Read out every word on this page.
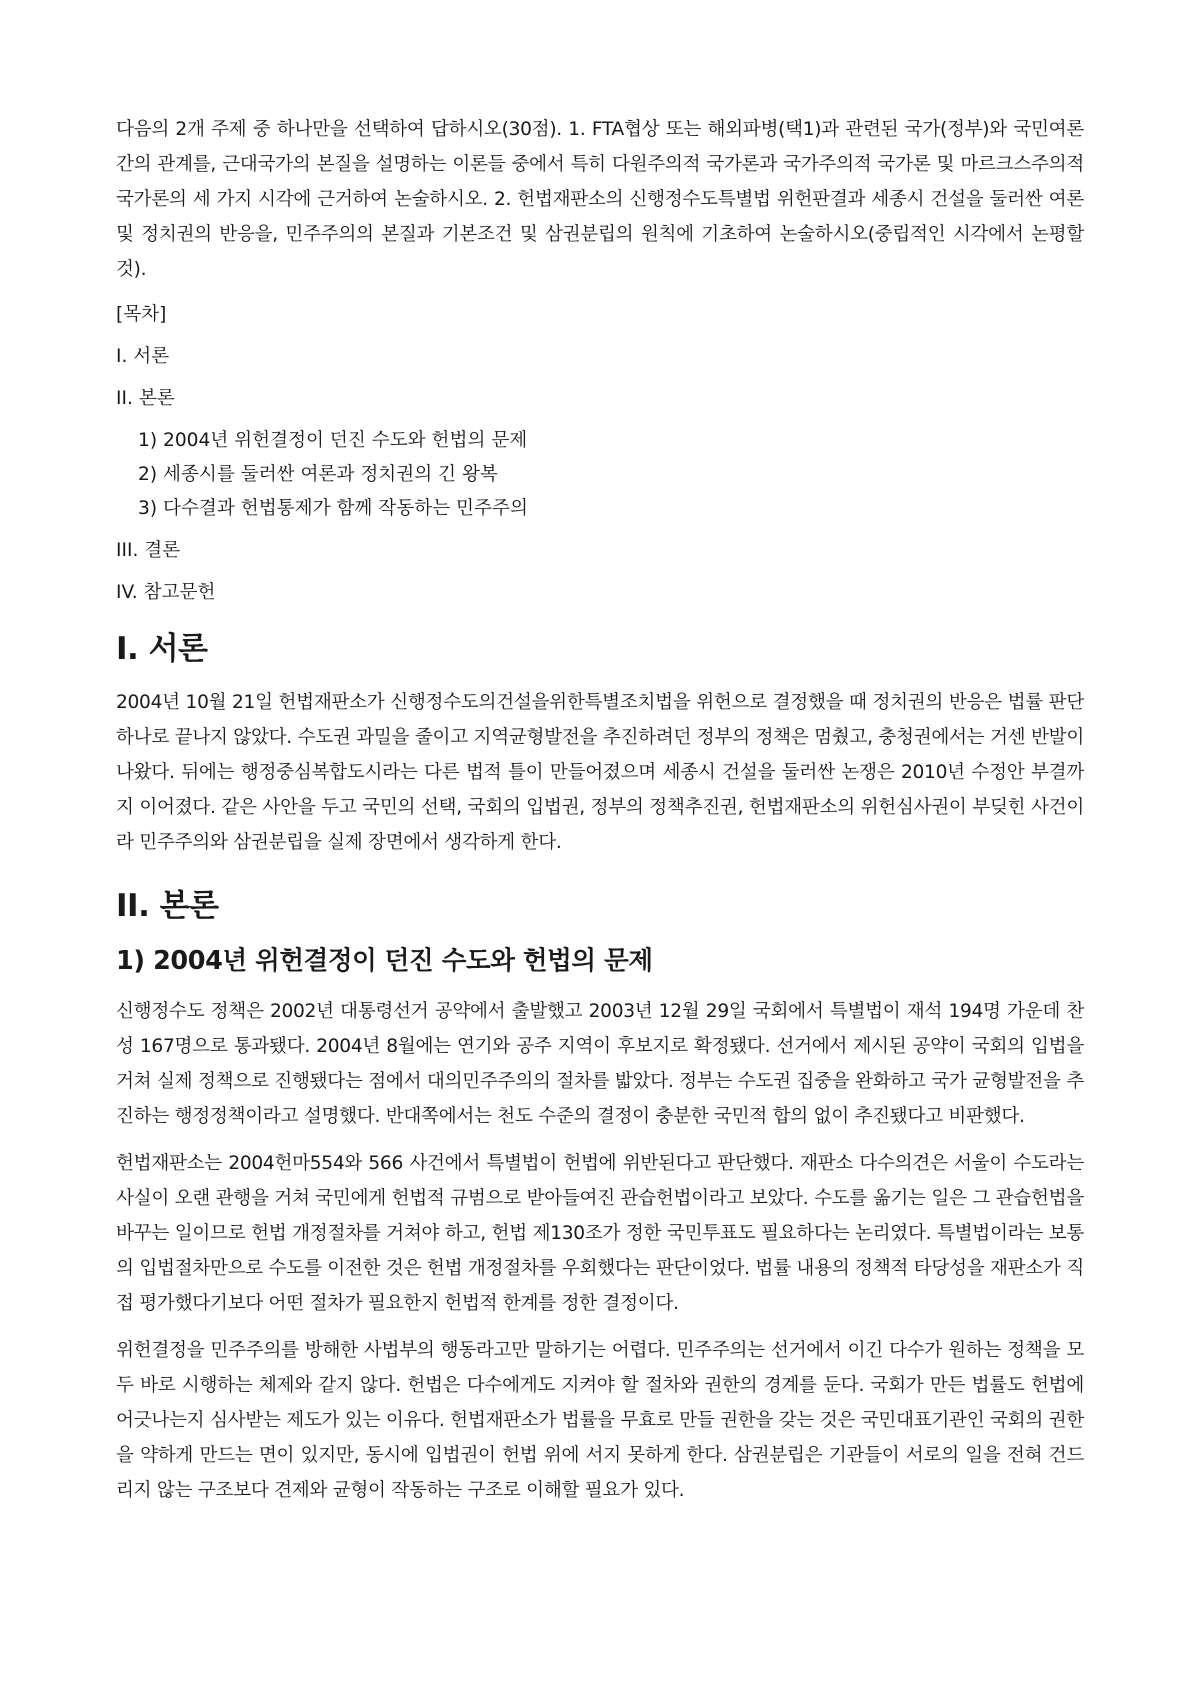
다음의 2개 주제 중 하나만을 선택하여 답하시오(30점). 1. FTA협상 또는 해외파병(택1)과 관련된 국가(정부)와 국민여론 간의 관계를, 근대국가의 본질을 설명하는 이론들 중에서 특히 다원주의적 국가론과 국가주의적 국가론 및 마르크스주의적 국가론의 세 가지 시각에 근거하여 논술하시오. 2. 헌법재판소의 신행정수도특별법 위헌판결과 세종시 건설을 둘러싼 여론 및 정치권의 반응을, 민주주의의 본질과 기본조건 및 삼권분립의 원칙에 기초하여 논술하시오(중립적인 시각에서 논평할 것).

[목차]

I. 서론

II. 본론

1) 2004년 위헌결정이 던진 수도와 헌법의 문제

2) 세종시를 둘러싼 여론과 정치권의 긴 왕복

3) 다수결과 헌법통제가 함께 작동하는 민주주의

III. 결론

IV. 참고문헌

I. 서론

2004년 10월 21일 헌법재판소가 신행정수도의건설을위한특별조치법을 위헌으로 결정했을 때 정치권의 반응은 법률 판단 하나로 끝나지 않았다. 수도권 과밀을 줄이고 지역균형발전을 추진하려던 정부의 정책은 멈췄고, 충청권에서는 거센 반발이 나왔다. 뒤에는 행정중심복합도시라는 다른 법적 틀이 만들어졌으며 세종시 건설을 둘러싼 논쟁은 2010년 수정안 부결까지 이어졌다. 같은 사안을 두고 국민의 선택, 국회의 입법권, 정부의 정책추진권, 헌법재판소의 위헌심사권이 부딪힌 사건이라 민주주의와 삼권분립을 실제 장면에서 생각하게 한다.

II. 본론
1) 2004년 위헌결정이 던진 수도와 헌법의 문제

신행정수도 정책은 2002년 대통령선거 공약에서 출발했고 2003년 12월 29일 국회에서 특별법이 재석 194명 가운데 찬성 167명으로 통과됐다. 2004년 8월에는 연기와 공주 지역이 후보지로 확정됐다. 선거에서 제시된 공약이 국회의 입법을 거쳐 실제 정책으로 진행됐다는 점에서 대의민주주의의 절차를 밟았다. 정부는 수도권 집중을 완화하고 국가 균형발전을 추진하는 행정정책이라고 설명했다. 반대쪽에서는 천도 수준의 결정이 충분한 국민적 합의 없이 추진됐다고 비판했다.

헌법재판소는 2004헌마554와 566 사건에서 특별법이 헌법에 위반된다고 판단했다. 재판소 다수의견은 서울이 수도라는 사실이 오랜 관행을 거쳐 국민에게 헌법적 규범으로 받아들여진 관습헌법이라고 보았다. 수도를 옮기는 일은 그 관습헌법을 바꾸는 일이므로 헌법 개정절차를 거쳐야 하고, 헌법 제130조가 정한 국민투표도 필요하다는 논리였다. 특별법이라는 보통의 입법절차만으로 수도를 이전한 것은 헌법 개정절차를 우회했다는 판단이었다. 법률 내용의 정책적 타당성을 재판소가 직접 평가했다기보다 어떤 절차가 필요한지 헌법적 한계를 정한 결정이다.

위헌결정을 민주주의를 방해한 사법부의 행동라고만 말하기는 어렵다. 민주주의는 선거에서 이긴 다수가 원하는 정책을 모두 바로 시행하는 체제와 같지 않다. 헌법은 다수에게도 지켜야 할 절차와 권한의 경계를 둔다. 국회가 만든 법률도 헌법에 어긋나는지 심사받는 제도가 있는 이유다. 헌법재판소가 법률을 무효로 만들 권한을 갖는 것은 국민대표기관인 국회의 권한을 약하게 만드는 면이 있지만, 동시에 입법권이 헌법 위에 서지 못하게 한다. 삼권분립은 기관들이 서로의 일을 전혀 건드리지 않는 구조보다 견제와 균형이 작동하는 구조로 이해할 필요가 있다.
